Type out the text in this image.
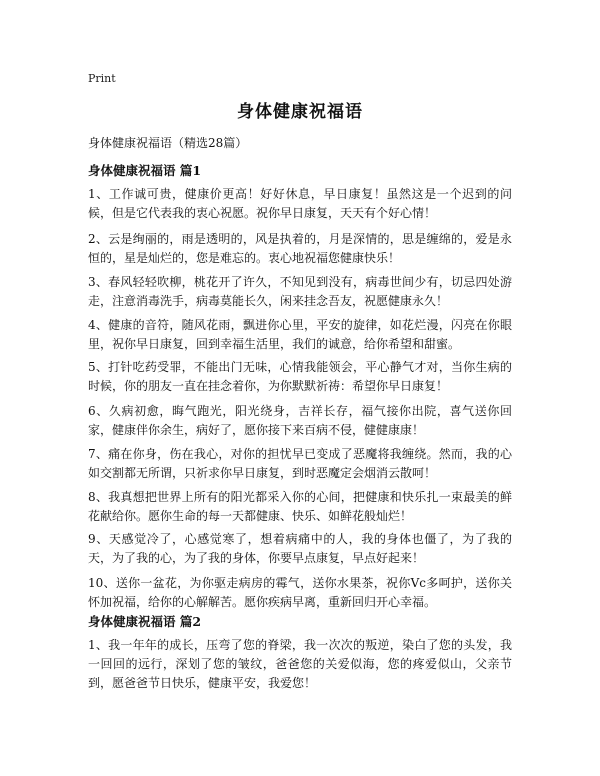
Print
身体健康祝福语
身体健康祝福语（精选28篇）
身体健康祝福语 篇1
1、工作诚可贵，健康价更高！好好休息，早日康复！虽然这是一个迟到的问候，但是它代表我的衷心祝愿。祝你早日康复，天天有个好心情！
2、云是绚丽的，雨是透明的，风是执着的，月是深情的，思是缠绵的，爱是永恒的，星是灿烂的，您是难忘的。衷心地祝福您健康快乐！
3、春风轻轻吹柳，桃花开了许久，不知见到没有，病毒世间少有，切忌四处游走，注意消毒洗手，病毒莫能长久，闲来挂念吾友，祝愿健康永久！
4、健康的音符，随风花雨，飘进你心里，平安的旋律，如花烂漫，闪亮在你眼里，祝你早日康复，回到幸福生活里，我们的诚意，给你希望和甜蜜。
5、打针吃药受罪，不能出门无味，心情我能领会，平心静气才对，当你生病的时候，你的朋友一直在挂念着你，为你默默祈祷：希望你早日康复！
6、久病初愈，晦气跑光，阳光绕身，吉祥长存，福气接你出院，喜气送你回家，健康伴你余生，病好了，愿你接下来百病不侵，健健康康！
7、痛在你身，伤在我心，对你的担忧早已变成了恶魔将我缠绕。然而，我的心如交割都无所谓，只祈求你早日康复，到时恶魔定会烟消云散呵！
8、我真想把世界上所有的阳光都采入你的心间，把健康和快乐扎一束最美的鲜花献给你。愿你生命的每一天都健康、快乐、如鲜花般灿烂！
9、天感觉冷了，心感觉寒了，想着病痛中的人，我的身体也僵了，为了我的天，为了我的心，为了我的身体，你要早点康复，早点好起来！
10、送你一盆花，为你驱走病房的霉气，送你水果茶，祝你Vc多呵护，送你关怀加祝福，给你的心解解苦。愿你疾病早离，重新回归开心幸福。
身体健康祝福语 篇2
1、我一年年的成长，压弯了您的脊梁，我一次次的叛逆，染白了您的头发，我一回回的远行，深划了您的皱纹，爸爸您的关爱似海，您的疼爱似山，父亲节到，愿爸爸节日快乐，健康平安，我爱您！
